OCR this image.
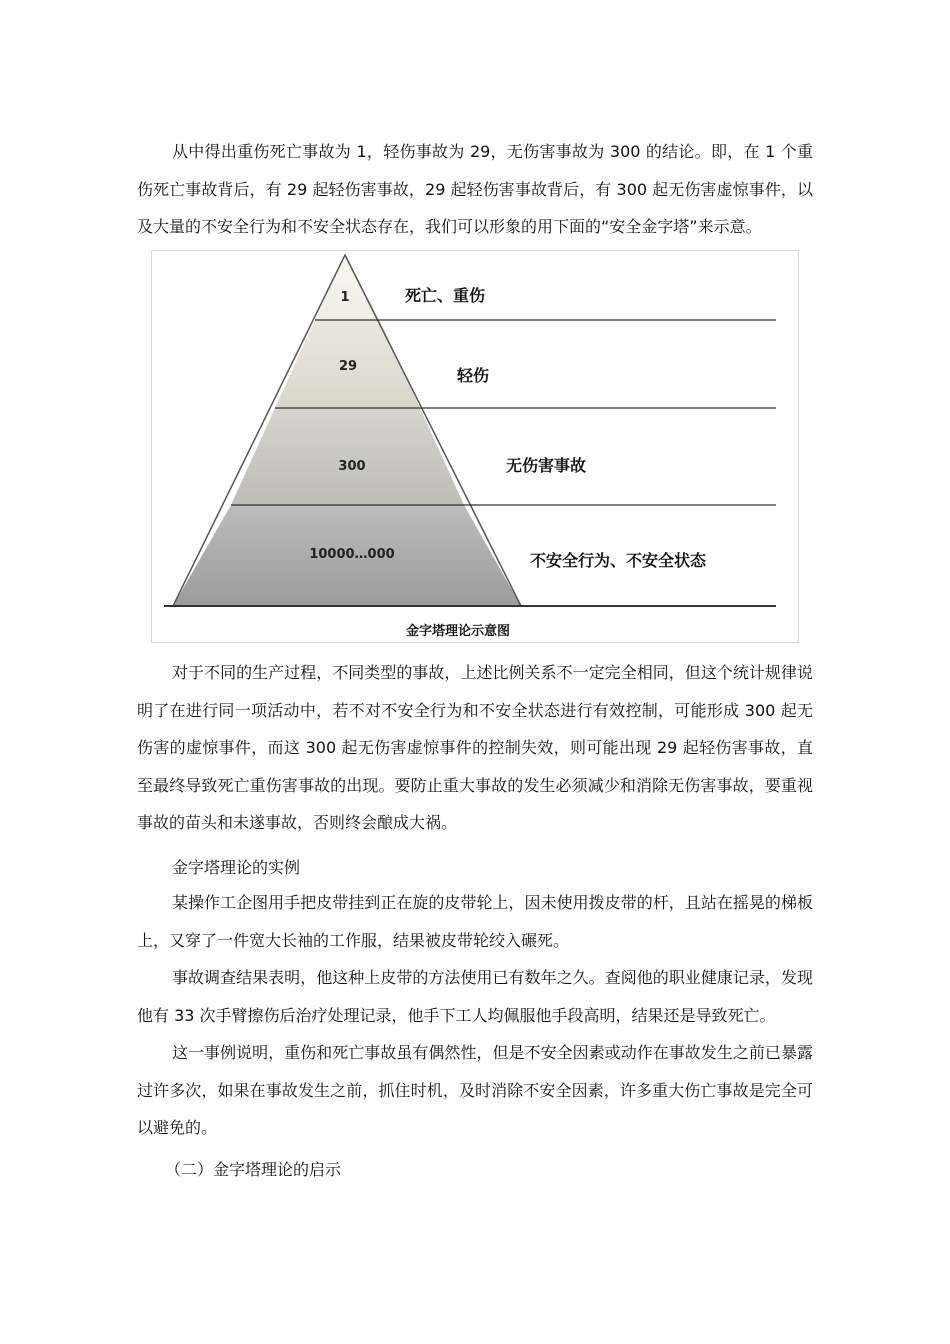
从中得出重伤死亡事故为 1，轻伤事故为 29，无伤害事故为 300 的结论。即，在 1 个重伤死亡事故背后，有 29 起轻伤害事故，29 起轻伤害事故背后，有 300 起无伤害虚惊事件，以及大量的不安全行为和不安全状态存在，我们可以形象的用下面的“安全金字塔”来示意。

1
29
300
10000…000
死亡、重伤
轻伤
无伤害事故
不安全行为、不安全状态
金字塔理论示意图

对于不同的生产过程，不同类型的事故，上述比例关系不一定完全相同，但这个统计规律说明了在进行同一项活动中，若不对不安全行为和不安全状态进行有效控制，可能形成 300 起无伤害的虚惊事件，而这 300 起无伤害虚惊事件的控制失效，则可能出现 29 起轻伤害事故，直至最终导致死亡重伤害事故的出现。要防止重大事故的发生必须减少和消除无伤害事故，要重视事故的苗头和未遂事故，否则终会酿成大祸。

金字塔理论的实例

某操作工企图用手把皮带挂到正在旋的皮带轮上，因未使用拨皮带的杆，且站在摇晃的梯板上，又穿了一件宽大长袖的工作服，结果被皮带轮绞入碾死。

事故调查结果表明，他这种上皮带的方法使用已有数年之久。查阅他的职业健康记录，发现他有 33 次手臂擦伤后治疗处理记录，他手下工人均佩服他手段高明，结果还是导致死亡。

这一事例说明，重伤和死亡事故虽有偶然性，但是不安全因素或动作在事故发生之前已暴露过许多次，如果在事故发生之前，抓住时机，及时消除不安全因素，许多重大伤亡事故是完全可以避免的。

（二）金字塔理论的启示
